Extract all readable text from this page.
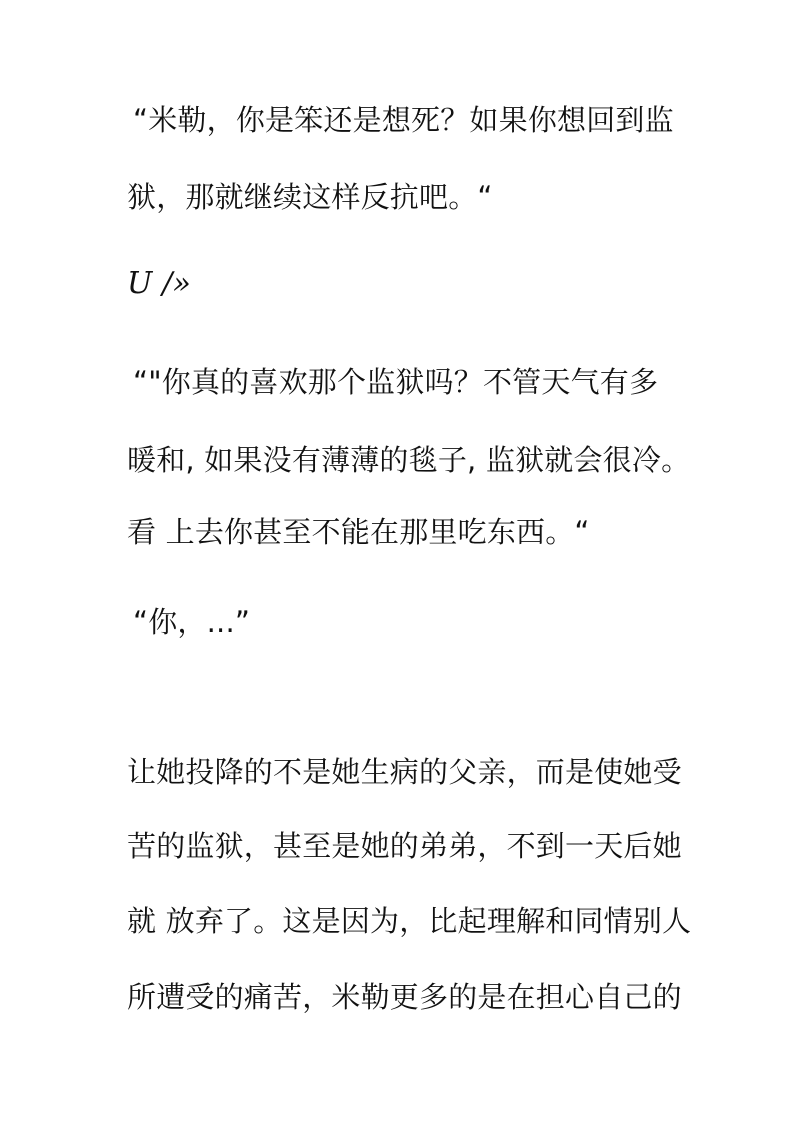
“米勒，你是笨还是想死？如果你想回到监
狱，那就继续这样反抗吧。“
U /»
“"你真的喜欢那个监狱吗？不管天气有多
暖和, 如果没有薄薄的毯子, 监狱就会很冷。
看 上去你甚至不能在那里吃东西。“
“你，...”
让她投降的不是她生病的父亲，而是使她受
苦的监狱，甚至是她的弟弟，不到一天后她
就 放弃了。这是因为，比起理解和同情别人
所遭受的痛苦，米勒更多的是在担心自己的
